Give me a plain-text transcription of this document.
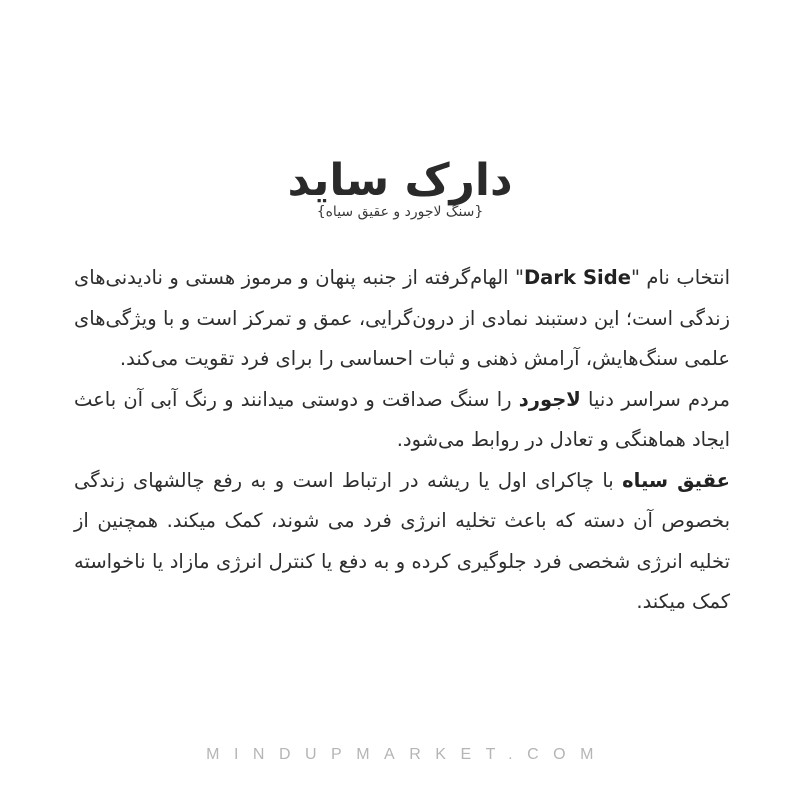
دارک ساید
{سنگ لاجورد و عقیق سیاه}

انتخاب نام "Dark Side" الهام‌گرفته از جنبه پنهان و مرموز هستی و نادیدنی‌های زندگی است؛ این دستبند نمادی از درون‌گرایی، عمق و تمرکز است و با ویژگی‌های علمی سنگ‌هایش، آرامش ذهنی و ثبات احساسی را برای فرد تقویت می‌کند.

مردم سراسر دنیا لاجورد را سنگ صداقت و دوستی میدانند و رنگ آبی آن باعث ایجاد هماهنگی و تعادل در روابط می‌شود.

عقیق سیاه با چاکرای اول یا ریشه در ارتباط است و به رفع چالشهای زندگی بخصوص آن دسته که باعث تخلیه انرژی فرد می شوند، کمک میکند. همچنین از تخلیه انرژی شخصی فرد جلوگیری کرده و به دفع یا کنترل انرژی مازاد یا ناخواسته کمک میکند.

MINDUPMARKET.COM
